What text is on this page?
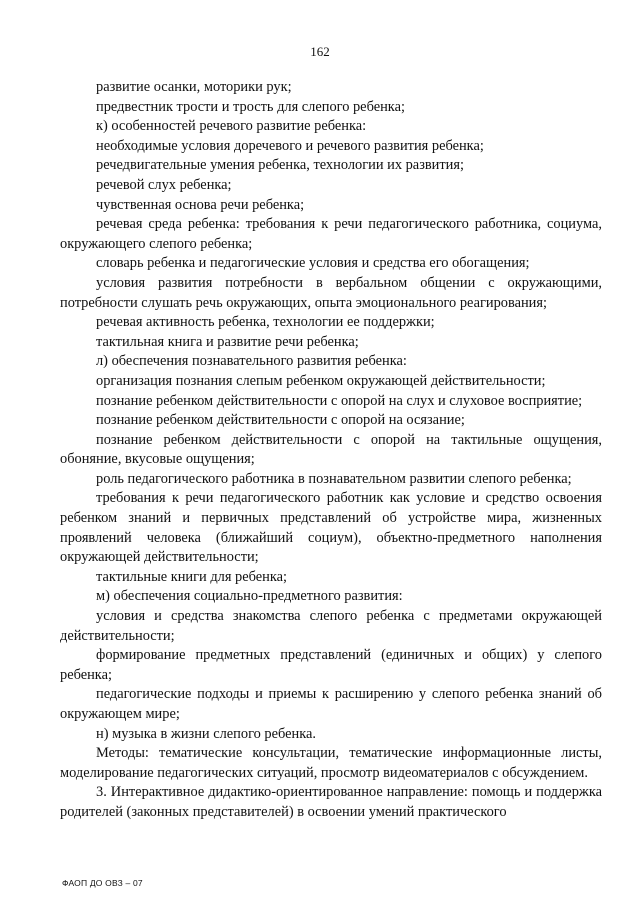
162

развитие осанки, моторики рук;

предвестник трости и трость для слепого ребенка;

к) особенностей речевого развитие ребенка:

необходимые условия доречевого и речевого развития ребенка;

речедвигательные умения ребенка, технологии их развития;

речевой слух ребенка;

чувственная основа речи ребенка;

речевая среда ребенка: требования к речи педагогического работника, социума, окружающего слепого ребенка;

словарь ребенка и педагогические условия и средства его обогащения;

условия развития потребности в вербальном общении с окружающими, потребности слушать речь окружающих, опыта эмоционального реагирования;

речевая активность ребенка, технологии ее поддержки;

тактильная книга и развитие речи ребенка;

л) обеспечения познавательного развития ребенка:

организация познания слепым ребенком окружающей действительности;

познание ребенком действительности с опорой на слух и слуховое восприятие;

познание ребенком действительности с опорой на осязание;

познание ребенком действительности с опорой на тактильные ощущения, обоняние, вкусовые ощущения;

роль педагогического работника в познавательном развитии слепого ребенка;

требования к речи педагогического работник как условие и средство освоения ребенком знаний и первичных представлений об устройстве мира, жизненных проявлений человека (ближайший социум), объектно-предметного наполнения окружающей действительности;

тактильные книги для ребенка;

м) обеспечения социально-предметного развития:

условия и средства знакомства слепого ребенка с предметами окружающей действительности;

формирование предметных представлений (единичных и общих) у слепого ребенка;

педагогические подходы и приемы к расширению у слепого ребенка знаний об окружающем мире;

н) музыка в жизни слепого ребенка.

Методы: тематические консультации, тематические информационные листы, моделирование педагогических ситуаций, просмотр видеоматериалов с обсуждением.

3. Интерактивное дидактико-ориентированное направление: помощь и поддержка родителей (законных представителей) в освоении умений практического

ФАОП ДО ОВЗ – 07
